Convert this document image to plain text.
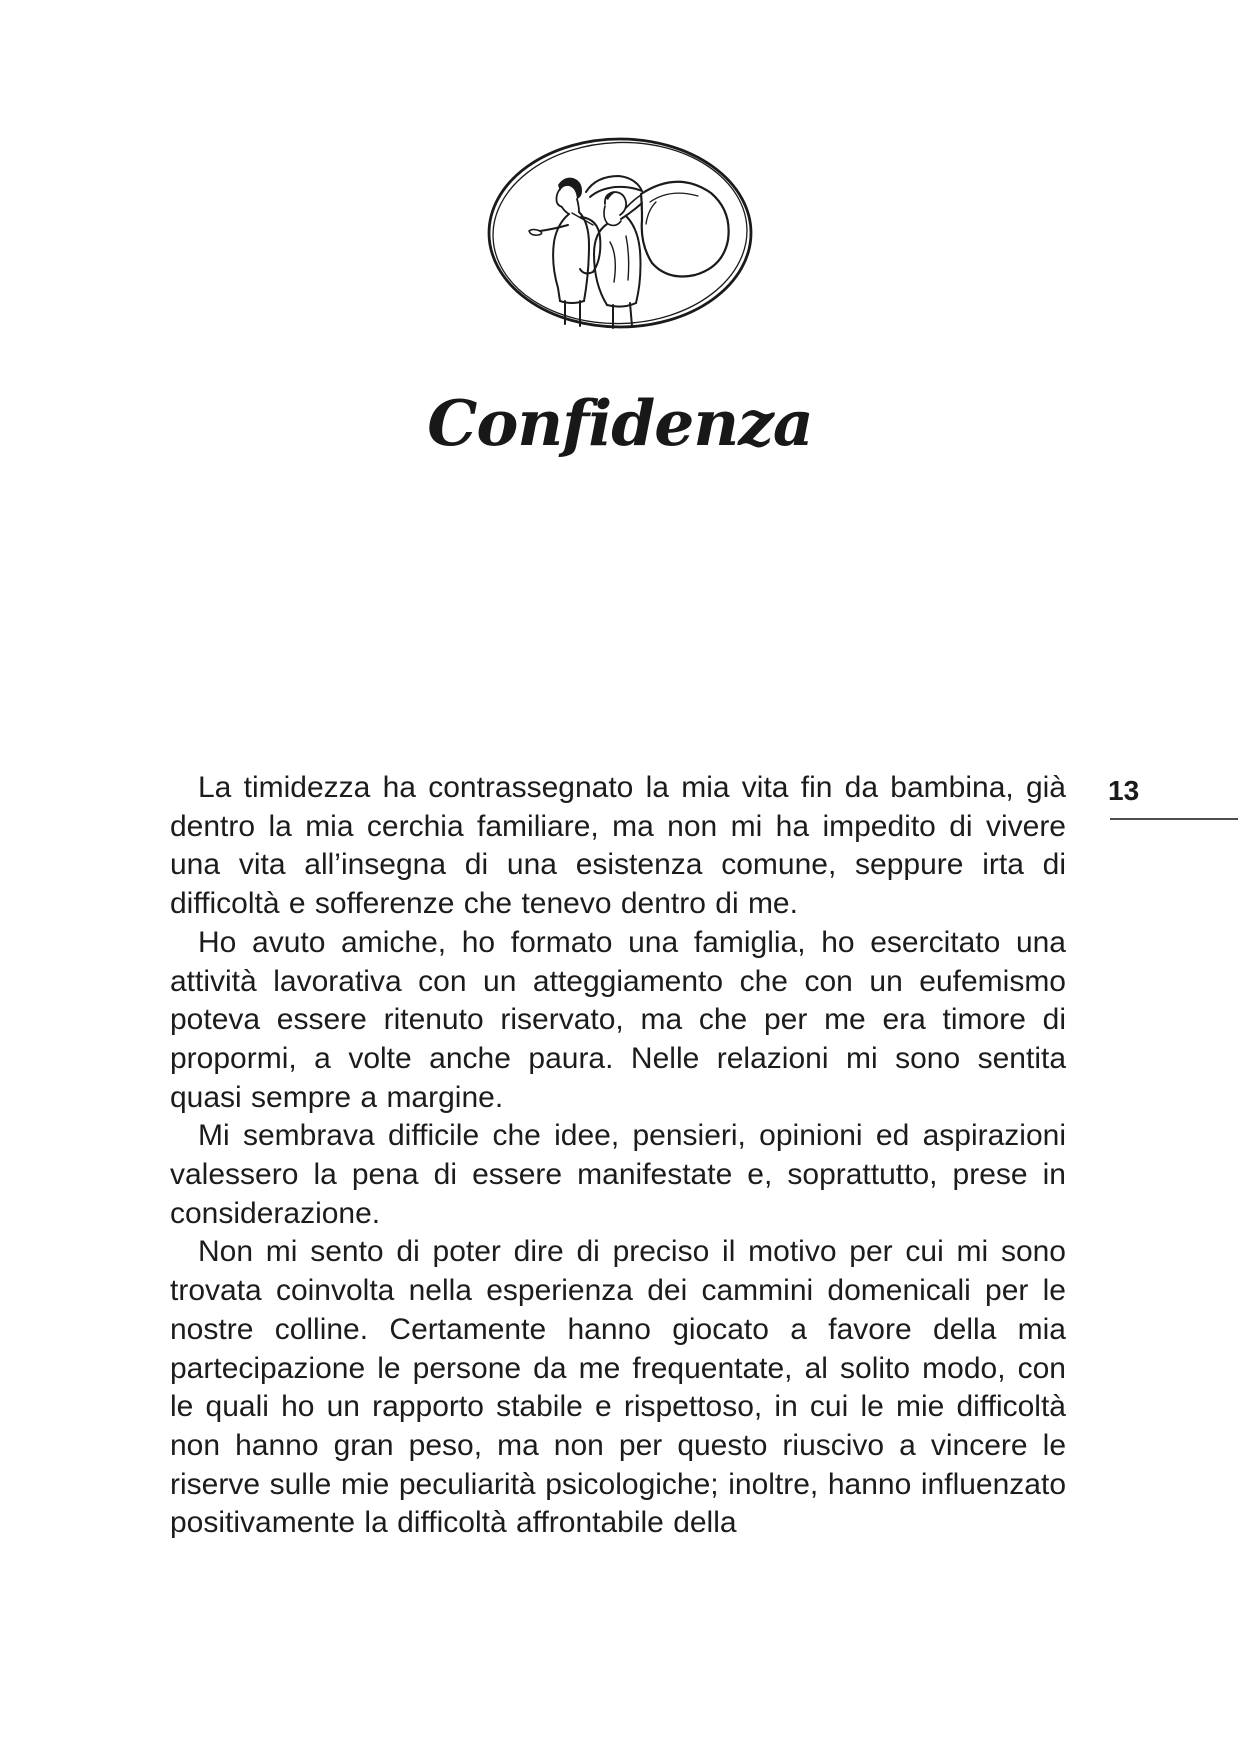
Confidenza
13

La timidezza ha contrassegnato la mia vita fin da bambina, già dentro la mia cerchia familiare, ma non mi ha impedito di vivere una vita all’insegna di una esistenza comune, seppure irta di difficoltà e sofferenze che tenevo dentro di me.

Ho avuto amiche, ho formato una famiglia, ho esercitato una attività lavorativa con un atteggiamento che con un eufemismo poteva essere ritenuto riservato, ma che per me era timore di propormi, a volte anche paura. Nelle relazioni mi sono sentita quasi sempre a margine.

Mi sembrava difficile che idee, pensieri, opinioni ed aspirazioni valessero la pena di essere manifestate e, soprattutto, prese in considerazione.

Non mi sento di poter dire di preciso il motivo per cui mi sono trovata coinvolta nella esperienza dei cammini domenicali per le nostre colline. Certamente hanno giocato a favore della mia partecipazione le persone da me frequentate, al solito modo, con le quali ho un rapporto stabile e rispettoso, in cui le mie difficoltà non hanno gran peso, ma non per questo riuscivo a vincere le riserve sulle mie peculiarità psicologiche; inoltre, hanno influenzato positivamente la difficoltà affrontabile della
